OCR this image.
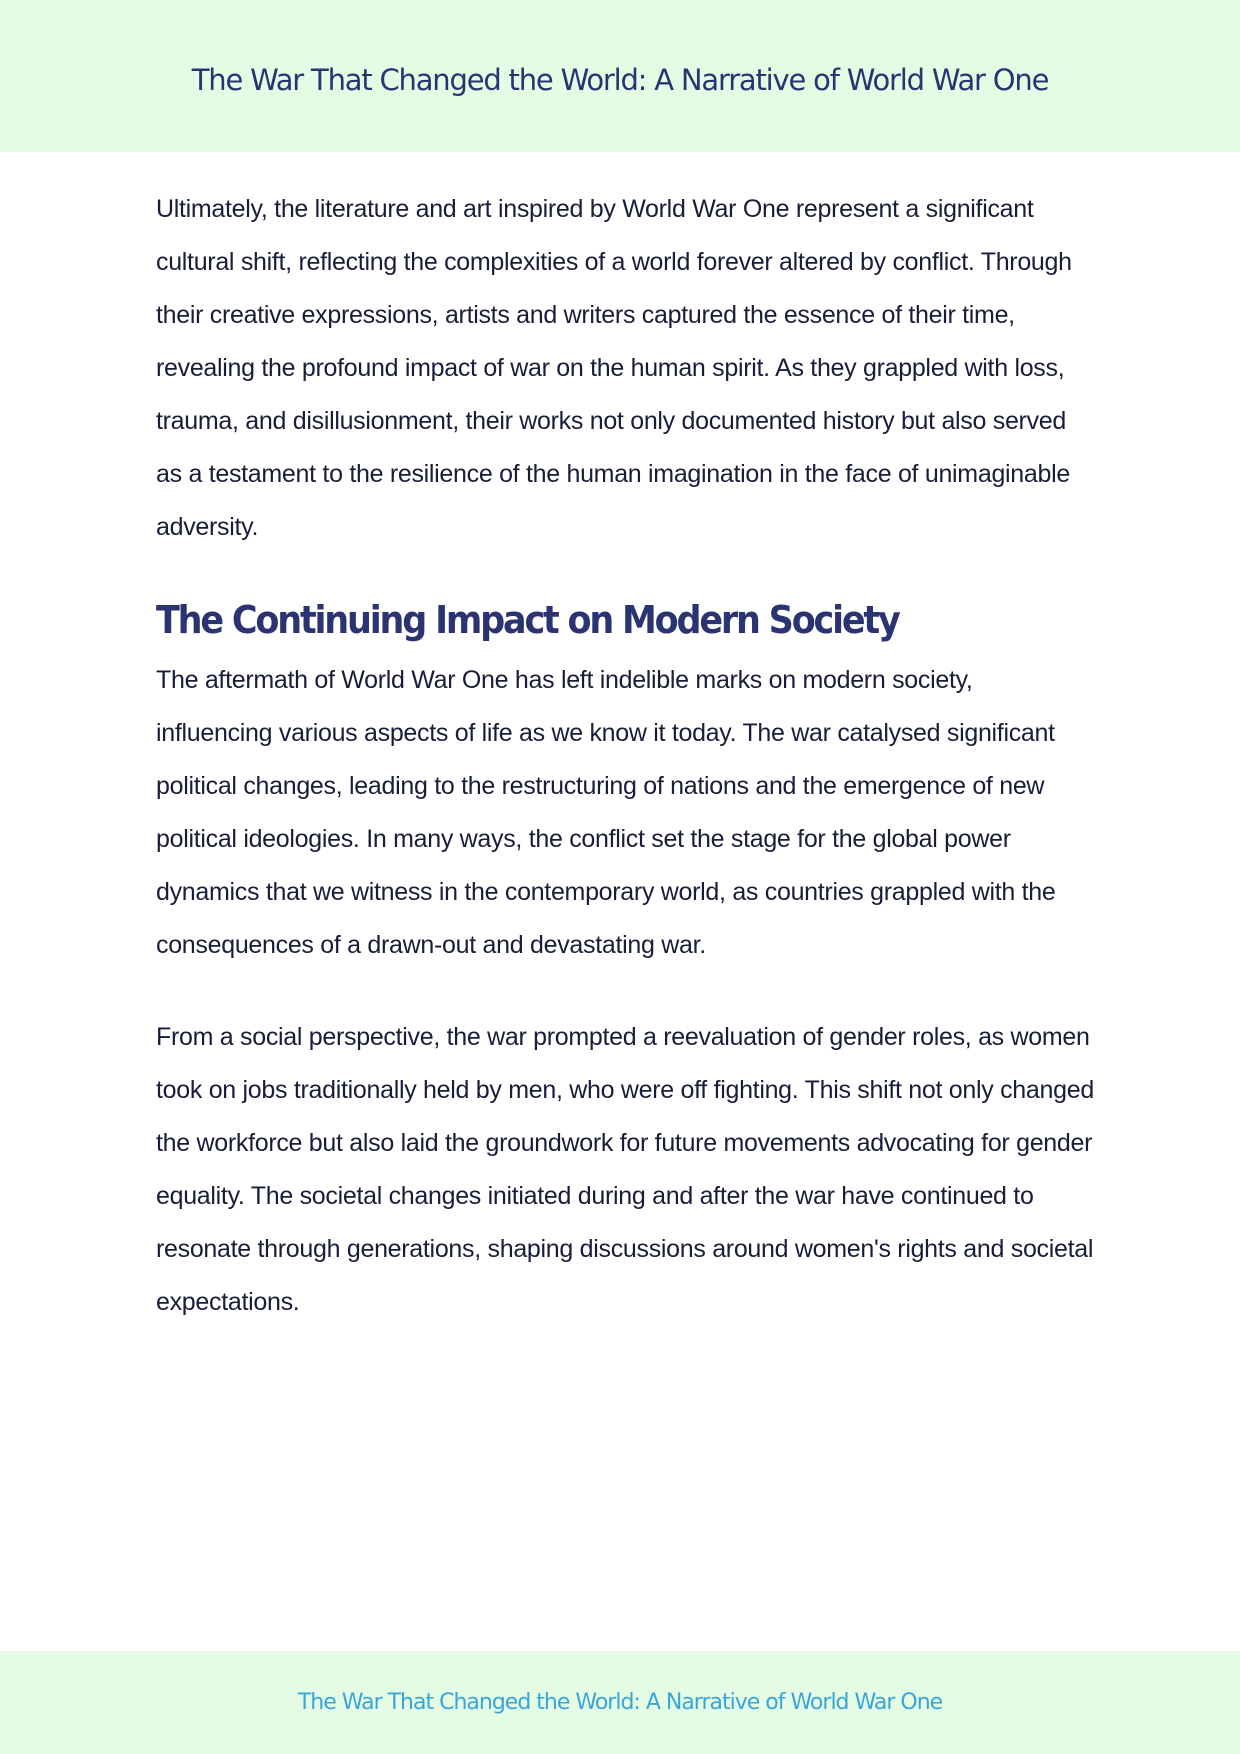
The War That Changed the World: A Narrative of World War One

Ultimately, the literature and art inspired by World War One represent a significant cultural shift, reflecting the complexities of a world forever altered by conflict. Through their creative expressions, artists and writers captured the essence of their time, revealing the profound impact of war on the human spirit. As they grappled with loss, trauma, and disillusionment, their works not only documented history but also served as a testament to the resilience of the human imagination in the face of unimaginable adversity.

The Continuing Impact on Modern Society

The aftermath of World War One has left indelible marks on modern society, influencing various aspects of life as we know it today. The war catalysed significant political changes, leading to the restructuring of nations and the emergence of new political ideologies. In many ways, the conflict set the stage for the global power dynamics that we witness in the contemporary world, as countries grappled with the consequences of a drawn-out and devastating war.

From a social perspective, the war prompted a reevaluation of gender roles, as women took on jobs traditionally held by men, who were off fighting. This shift not only changed the workforce but also laid the groundwork for future movements advocating for gender equality. The societal changes initiated during and after the war have continued to resonate through generations, shaping discussions around women's rights and societal expectations.

The War That Changed the World: A Narrative of World War One
